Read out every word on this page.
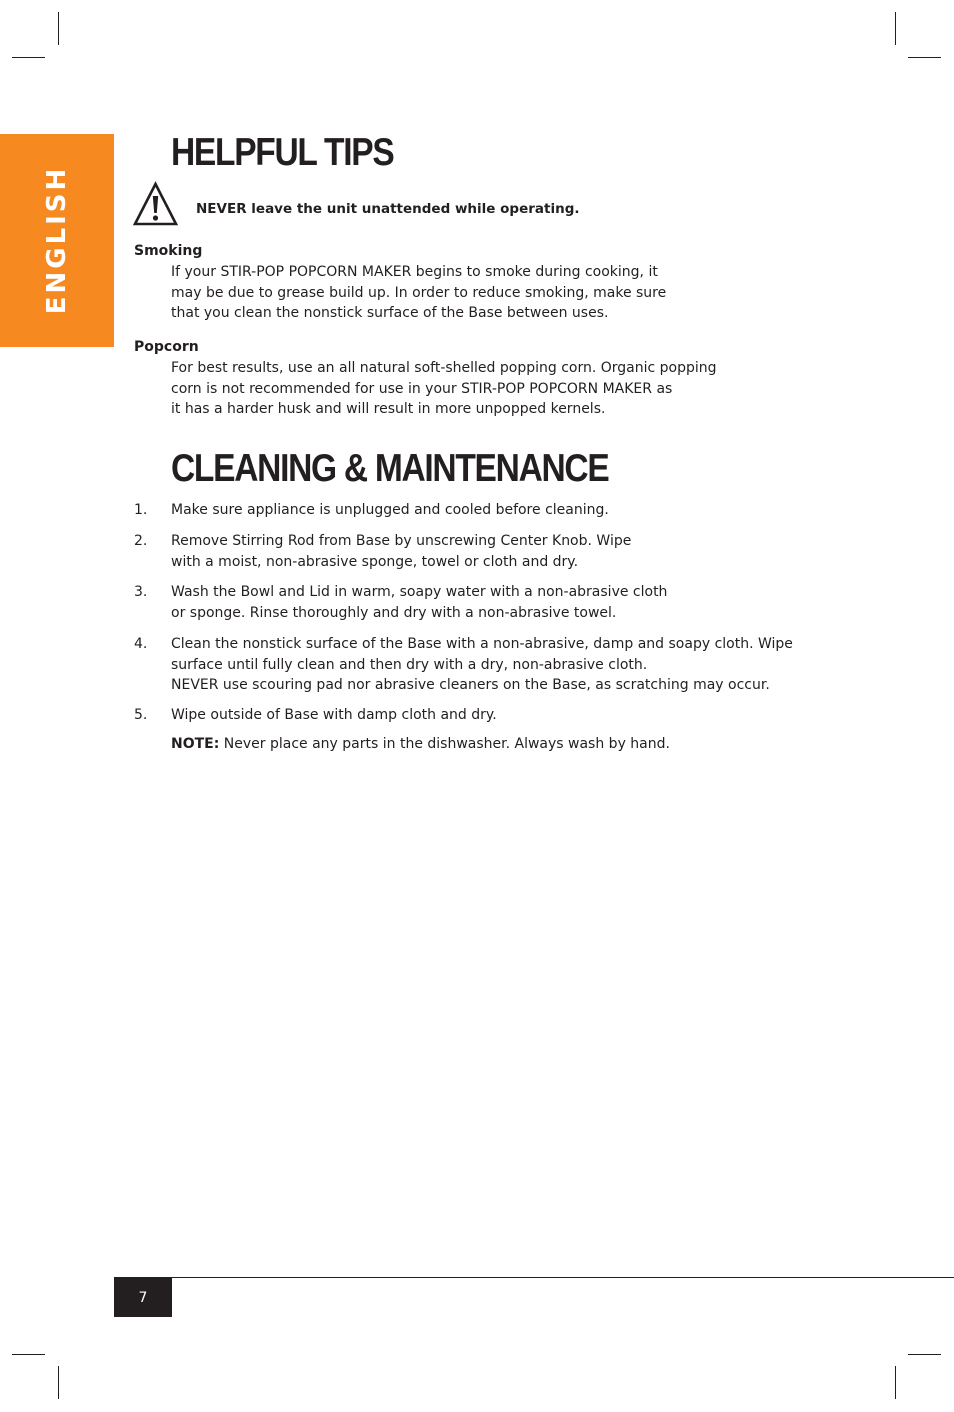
ENGLISH
HELPFUL TIPS
NEVER leave the unit unattended while operating.
Smoking
If your STIR-POP POPCORN MAKER begins to smoke during cooking, it
may be due to grease build up. In order to reduce smoking, make sure
that you clean the nonstick surface of the Base between uses.
Popcorn
For best results, use an all natural soft-shelled popping corn. Organic popping
corn is not recommended for use in your STIR-POP POPCORN MAKER as
it has a harder husk and will result in more unpopped kernels.
CLEANING & MAINTENANCE
1. Make sure appliance is unplugged and cooled before cleaning.
2. Remove Stirring Rod from Base by unscrewing Center Knob. Wipe
with a moist, non-abrasive sponge, towel or cloth and dry.
3. Wash the Bowl and Lid in warm, soapy water with a non-abrasive cloth
or sponge. Rinse thoroughly and dry with a non-abrasive towel.
4. Clean the nonstick surface of the Base with a non-abrasive, damp and soapy cloth. Wipe
surface until fully clean and then dry with a dry, non-abrasive cloth.
NEVER use scouring pad nor abrasive cleaners on the Base, as scratching may occur.
5. Wipe outside of Base with damp cloth and dry.
NOTE: Never place any parts in the dishwasher. Always wash by hand.
7
